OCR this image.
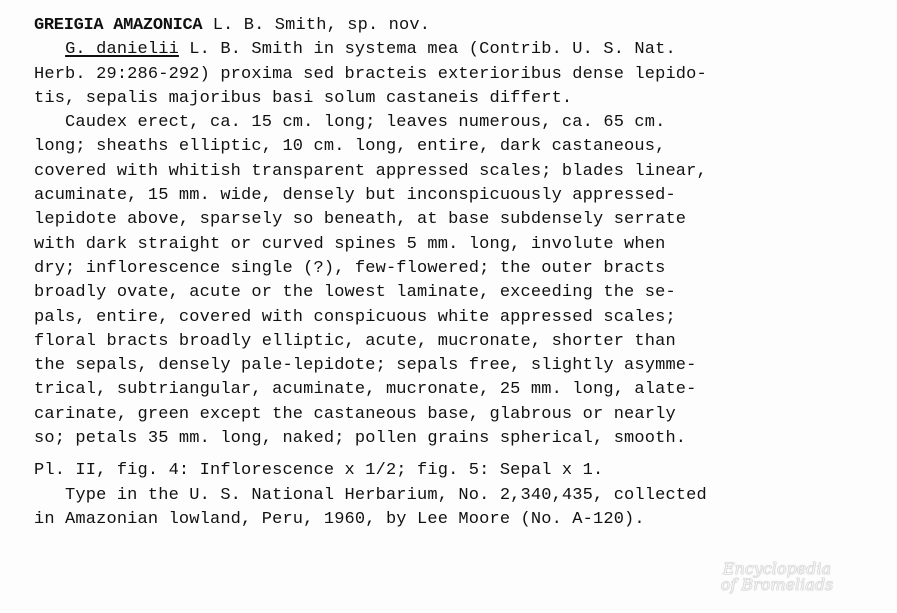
GREIGIA AMAZONICA L. B. Smith, sp. nov.
G. danielii L. B. Smith in systema mea (Contrib. U. S. Nat.
Herb. 29:286-292) proxima sed bracteis exterioribus dense lepido-
tis, sepalis majoribus basi solum castaneis differt.
Caudex erect, ca. 15 cm. long; leaves numerous, ca. 65 cm.
long; sheaths elliptic, 10 cm. long, entire, dark castaneous,
covered with whitish transparent appressed scales; blades linear,
acuminate, 15 mm. wide, densely but inconspicuously appressed-
lepidote above, sparsely so beneath, at base subdensely serrate
with dark straight or curved spines 5 mm. long, involute when
dry; inflorescence single (?), few-flowered; the outer bracts
broadly ovate, acute or the lowest laminate, exceeding the se-
pals, entire, covered with conspicuous white appressed scales;
floral bracts broadly elliptic, acute, mucronate, shorter than
the sepals, densely pale-lepidote; sepals free, slightly asymme-
trical, subtriangular, acuminate, mucronate, 25 mm. long, alate-
carinate, green except the castaneous base, glabrous or nearly
so; petals 35 mm. long, naked; pollen grains spherical, smooth.
Pl. II, fig. 4: Inflorescence x 1/2; fig. 5: Sepal x 1.
Type in the U. S. National Herbarium, No. 2,340,435, collected
in Amazonian lowland, Peru, 1960, by Lee Moore (No. A-120).
Encyclopedia
of Bromeliads
